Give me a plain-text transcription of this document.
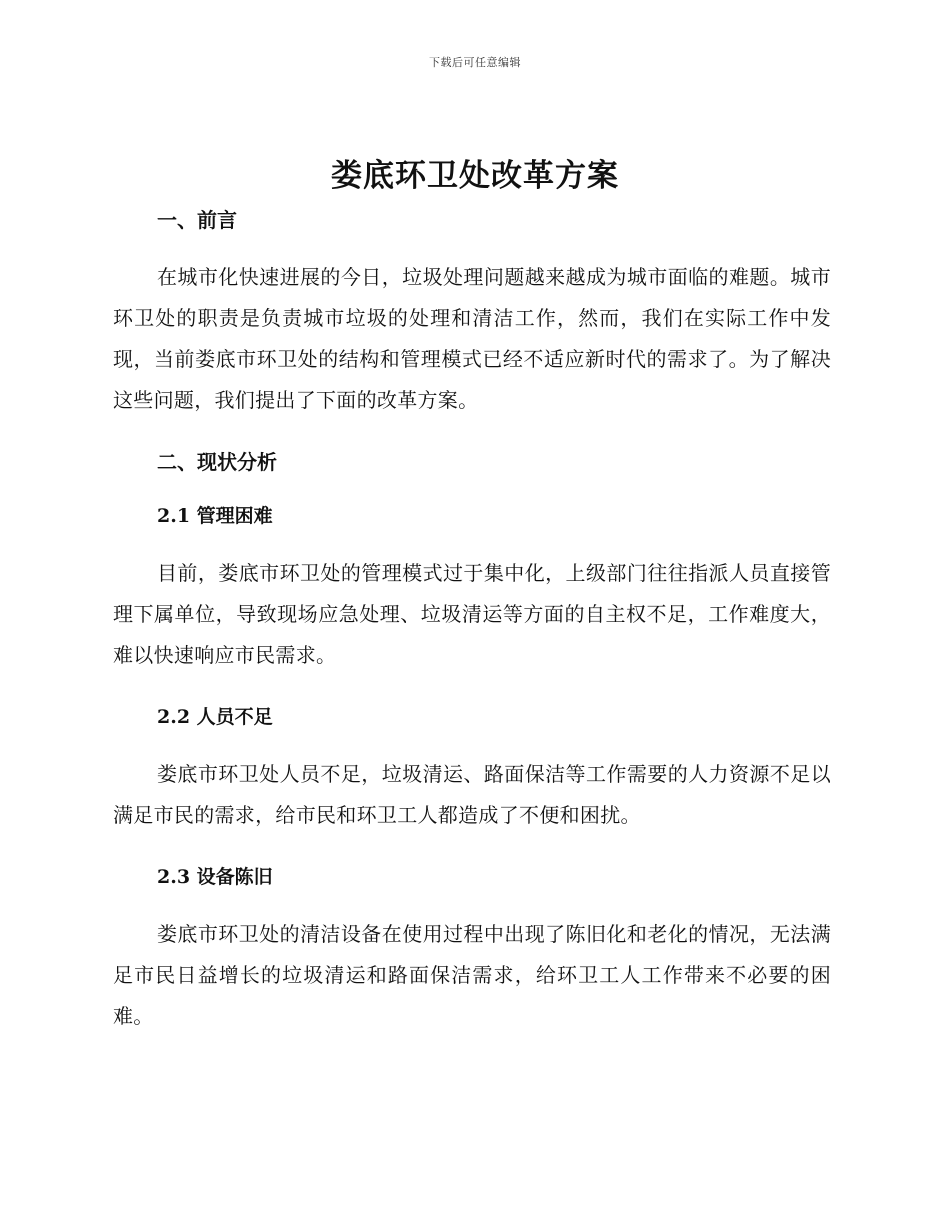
下载后可任意编辑
娄底环卫处改革方案
一、前言

在城市化快速进展的今日，垃圾处理问题越来越成为城市面临的难题。城市环卫处的职责是负责城市垃圾的处理和清洁工作，然而，我们在实际工作中发现，当前娄底市环卫处的结构和管理模式已经不适应新时代的需求了。为了解决这些问题，我们提出了下面的改革方案。

二、现状分析
2.1 管理困难

目前，娄底市环卫处的管理模式过于集中化，上级部门往往指派人员直接管理下属单位，导致现场应急处理、垃圾清运等方面的自主权不足，工作难度大，难以快速响应市民需求。

2.2 人员不足

娄底市环卫处人员不足，垃圾清运、路面保洁等工作需要的人力资源不足以满足市民的需求，给市民和环卫工人都造成了不便和困扰。

2.3 设备陈旧

娄底市环卫处的清洁设备在使用过程中出现了陈旧化和老化的情况，无法满足市民日益增长的垃圾清运和路面保洁需求，给环卫工人工作带来不必要的困难。
